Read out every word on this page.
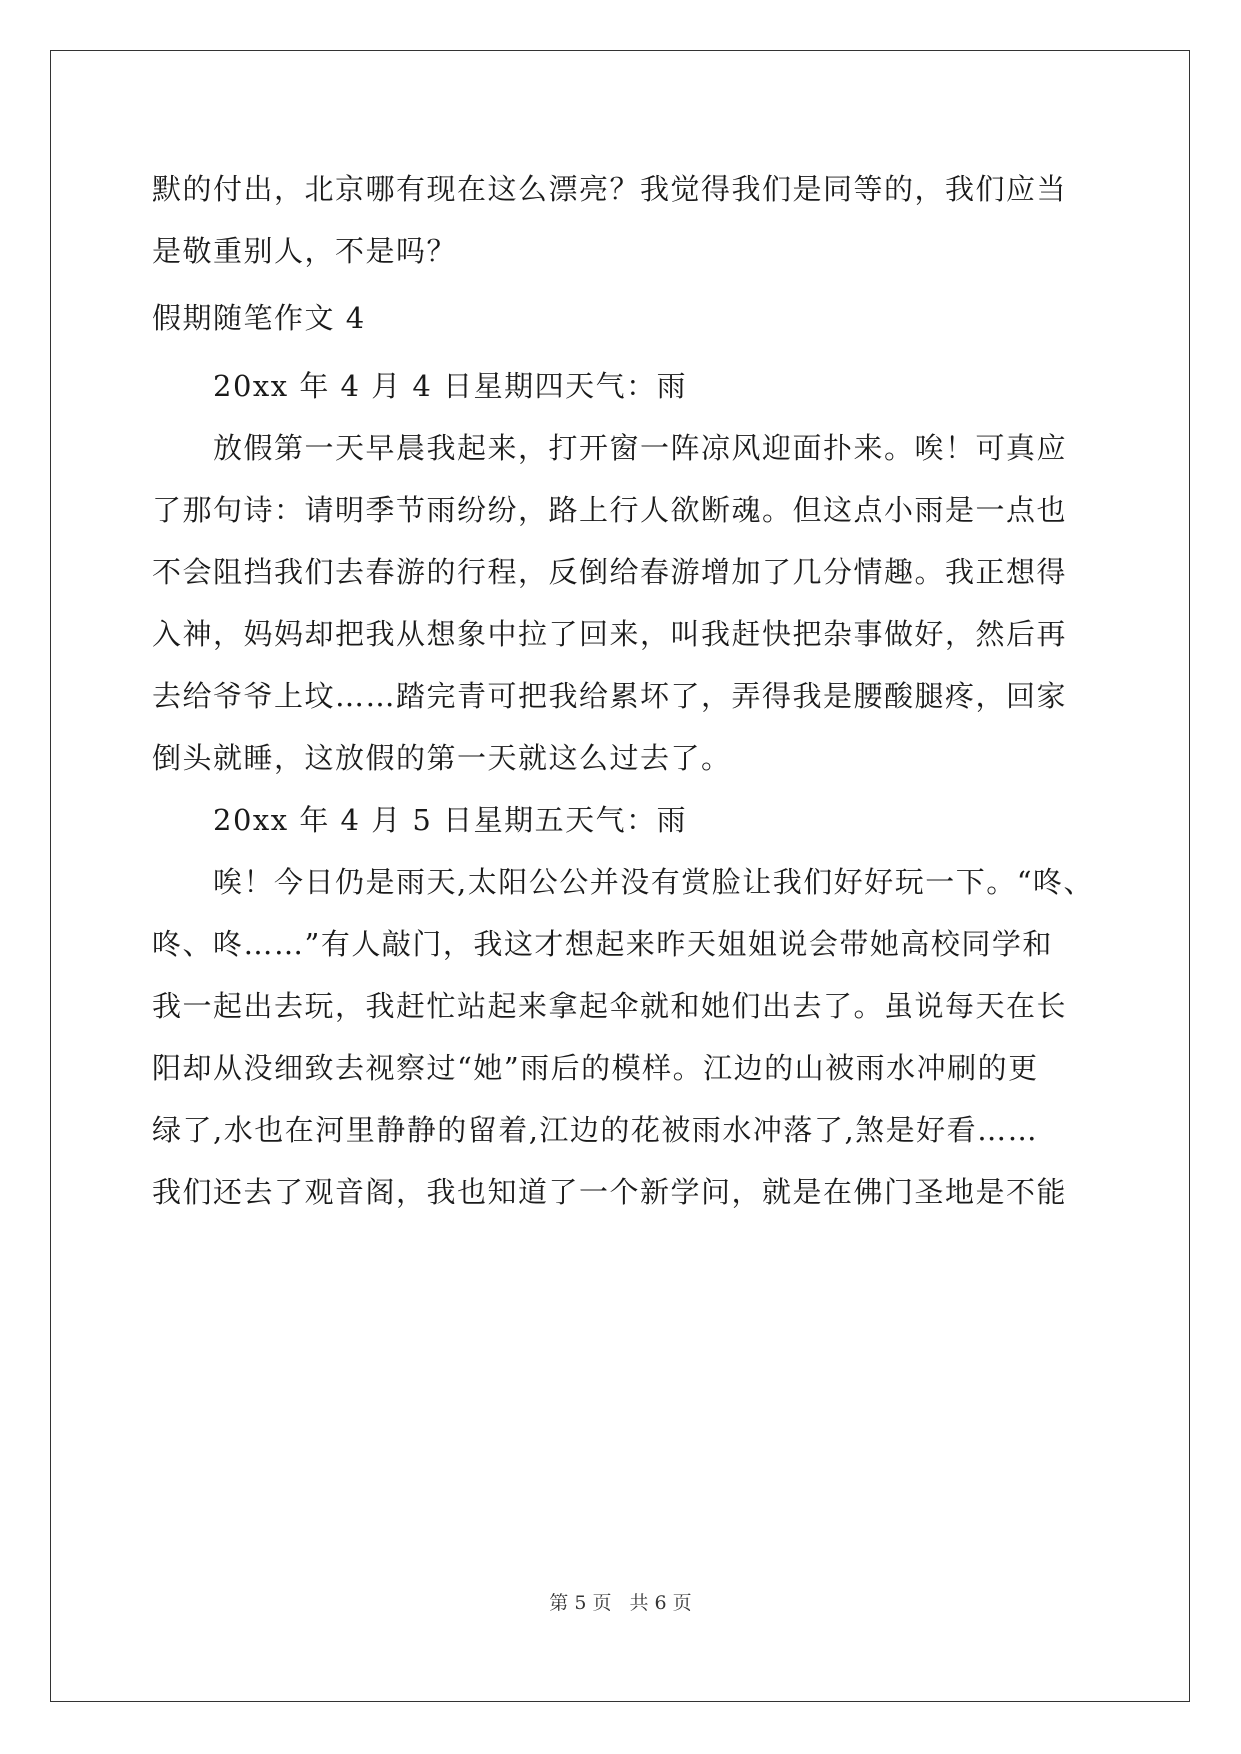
默的付出，北京哪有现在这么漂亮？我觉得我们是同等的，我们应当
是敬重别人，不是吗？
假期随笔作文 4
20xx 年 4 月 4 日星期四天气：雨
放假第一天早晨我起来，打开窗一阵凉风迎面扑来。唉！可真应
了那句诗：请明季节雨纷纷，路上行人欲断魂。但这点小雨是一点也
不会阻挡我们去春游的行程，反倒给春游增加了几分情趣。我正想得
入神，妈妈却把我从想象中拉了回来，叫我赶快把杂事做好，然后再
去给爷爷上坟……踏完青可把我给累坏了，弄得我是腰酸腿疼，回家
倒头就睡，这放假的第一天就这么过去了。
20xx 年 4 月 5 日星期五天气：雨
唉！今日仍是雨天,太阳公公并没有赏脸让我们好好玩一下。“咚、
咚、咚……”有人敲门，我这才想起来昨天姐姐说会带她高校同学和
我一起出去玩，我赶忙站起来拿起伞就和她们出去了。虽说每天在长
阳却从没细致去视察过“她”雨后的模样。江边的山被雨水冲刷的更
绿了,水也在河里静静的留着,江边的花被雨水冲落了,煞是好看……
我们还去了观音阁，我也知道了一个新学问，就是在佛门圣地是不能
第 5 页 共 6 页
